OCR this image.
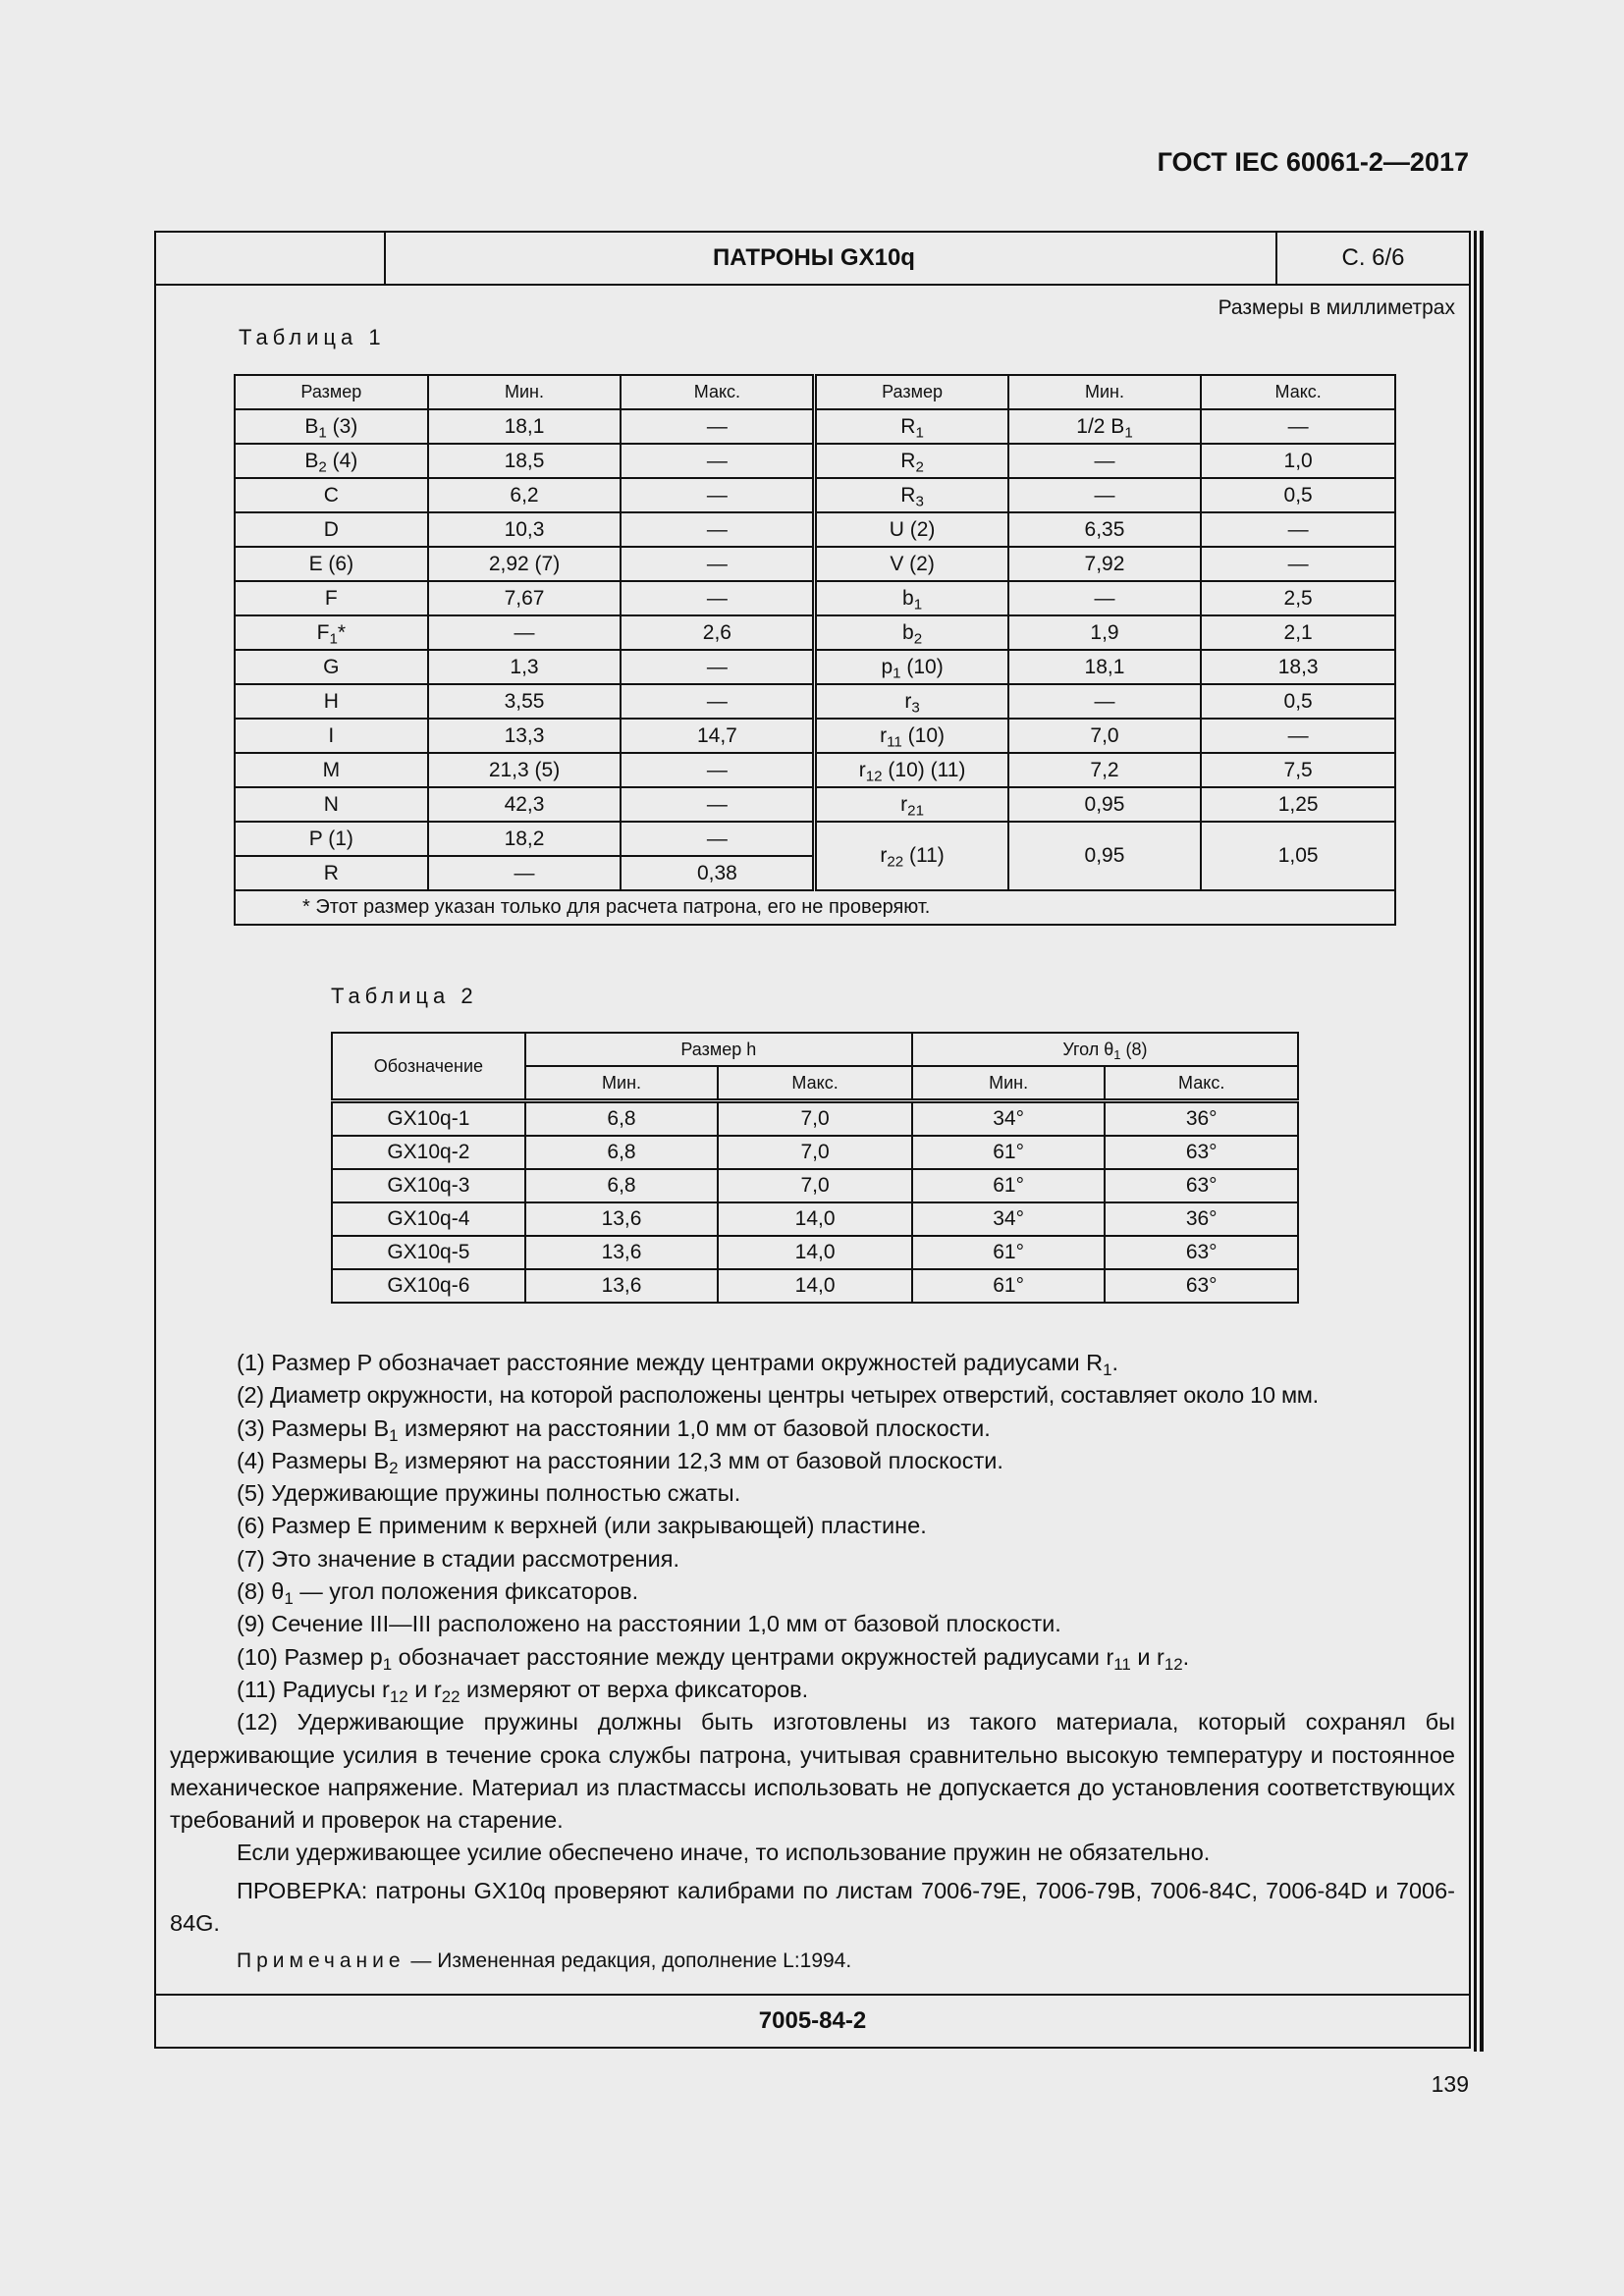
ГОСТ IEC 60061-2—2017
ПАТРОНЫ GX10q	С. 6/6
Размеры в миллиметрах
Таблица 1
Размер	Мин.	Макс.	Размер	Мин.	Макс.
$B_1$ (3)	18,1	—	$R_1$	1/2 $B_1$	—
$B_2$ (4)	18,5	—	$R_2$	—	1,0
C	6,2	—	$R_3$	—	0,5
D	10,3	—	U (2)	6,35	—
E (6)	2,92 (7)	—	V (2)	7,92	—
F	7,67	—	$b_1$	—	2,5
$F_1*$	—	2,6	$b_2$	1,9	2,1
G	1,3	—	$p_1$ (10)	18,1	18,3
H	3,55	—	$r_3$	—	0,5
I	13,3	14,7	$r_{11}$ (10)	7,0	—
M	21,3 (5)	—	$r_{12}$ (10) (11)	7,2	7,5
N	42,3	—	$r_{21}$	0,95	1,25
P (1)	18,2	—	$r_{22}$ (11)	0,95	1,05
R	—	0,38			
* Этот размер указан только для расчета патрона, его не проверяют.					
Таблица 2
Обозначение	Размер h		Угол $\theta_1$ (8)	
	Мин.	Макс.	Мин.	Макс.
GX10q-1	6,8	7,0	34°	36°
GX10q-2	6,8	7,0	61°	63°
GX10q-3	6,8	7,0	61°	63°
GX10q-4	13,6	14,0	34°	36°
GX10q-5	13,6	14,0	61°	63°
GX10q-6	13,6	14,0	61°	63°

(1) Размер P обозначает расстояние между центрами окружностей радиусами $R_1$.

(2) Диаметр окружности, на которой расположены центры четырех отверстий, составляет около 10 мм.

(3) Размеры $B_1$ измеряют на расстоянии 1,0 мм от базовой плоскости.

(4) Размеры $B_2$ измеряют на расстоянии 12,3 мм от базовой плоскости.

(5) Удерживающие пружины полностью сжаты.

(6) Размер E применим к верхней (или закрывающей) пластине.

(7) Это значение в стадии рассмотрения.

(8) $\theta_1$ — угол положения фиксаторов.

(9) Сечение III—III расположено на расстоянии 1,0 мм от базовой плоскости.

(10) Размер $p_1$ обозначает расстояние между центрами окружностей радиусами $r_{11}$ и $r_{12}$.

(11) Радиусы $r_{12}$ и $r_{22}$ измеряют от верха фиксаторов.

(12) Удерживающие пружины должны быть изготовлены из такого материала, который сохранял бы удерживающие усилия в течение срока службы патрона, учитывая сравнительно высокую температуру и постоянное механическое напряжение. Материал из пластмассы использовать не допускается до установления соответствующих требований и проверок на старение.

Если удерживающее усилие обеспечено иначе, то использование пружин не обязательно.

ПРОВЕРКА: патроны GX10q проверяют калибрами по листам 7006-79E, 7006-79B, 7006-84C, 7006-84D и 7006-84G.

Примечание — Измененная редакция, дополнение L:1994.

7005-84-2
139
